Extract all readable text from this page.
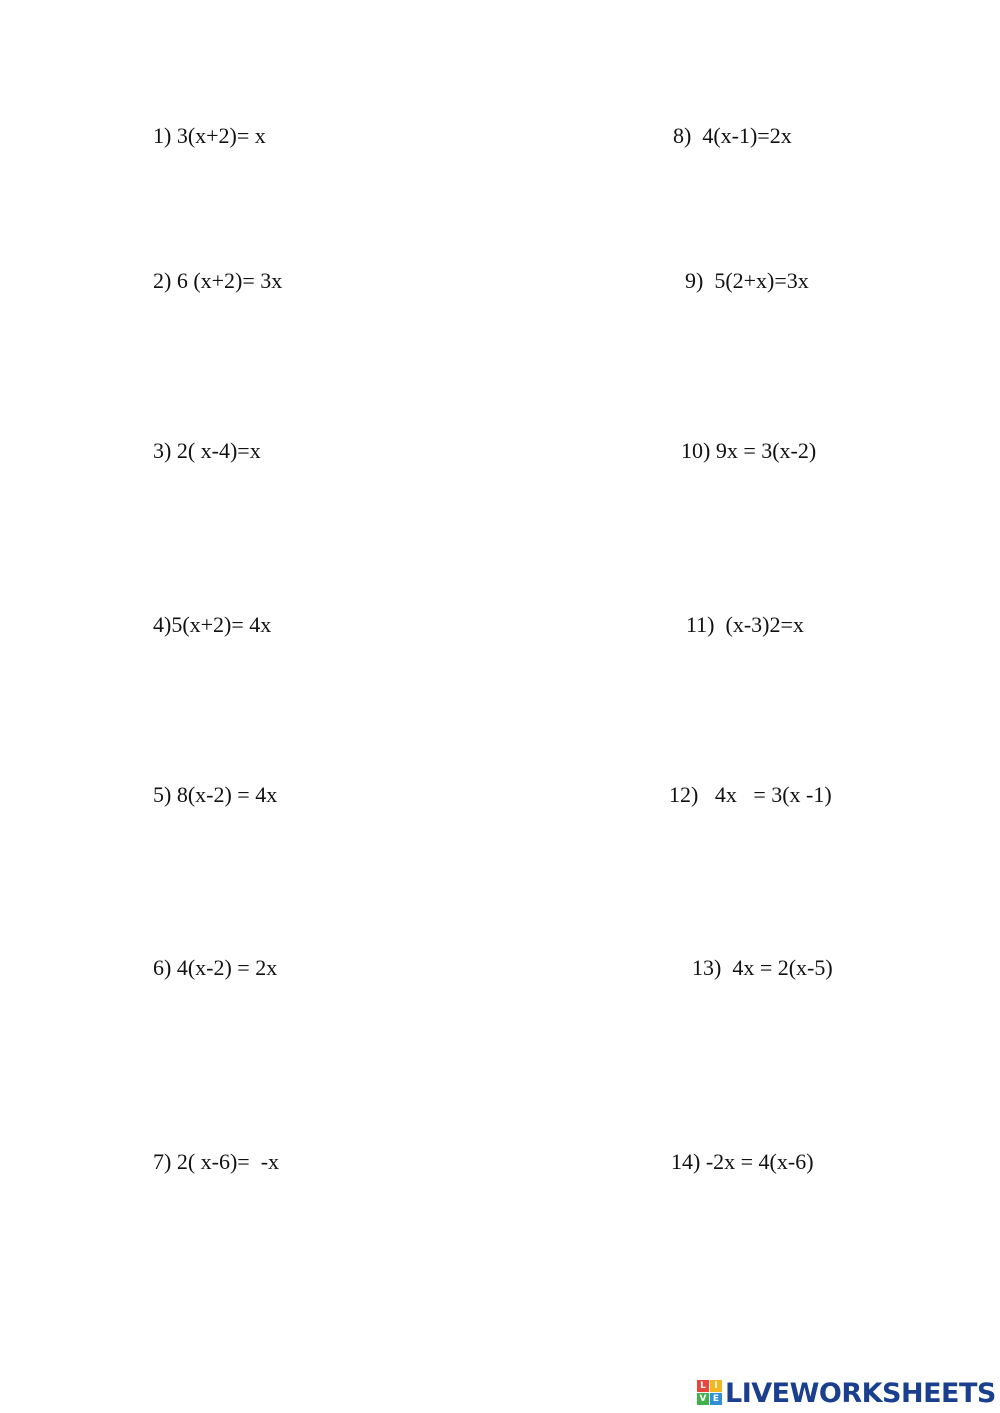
1) 3(x+2)= x
2) 6 (x+2)= 3x
3) 2( x-4)=x
4)5(x+2)= 4x
5) 8(x-2) = 4x
6) 4(x-2) = 2x
7) 2( x-6)=  -x
8)  4(x-1)=2x
9)  5(2+x)=3x
10) 9x = 3(x-2)
11)  (x-3)2=x
12)   4x   = 3(x -1)
13)  4x = 2(x-5)
14) -2x = 4(x-6)
L I
V E LIVEWORKSHEETS
